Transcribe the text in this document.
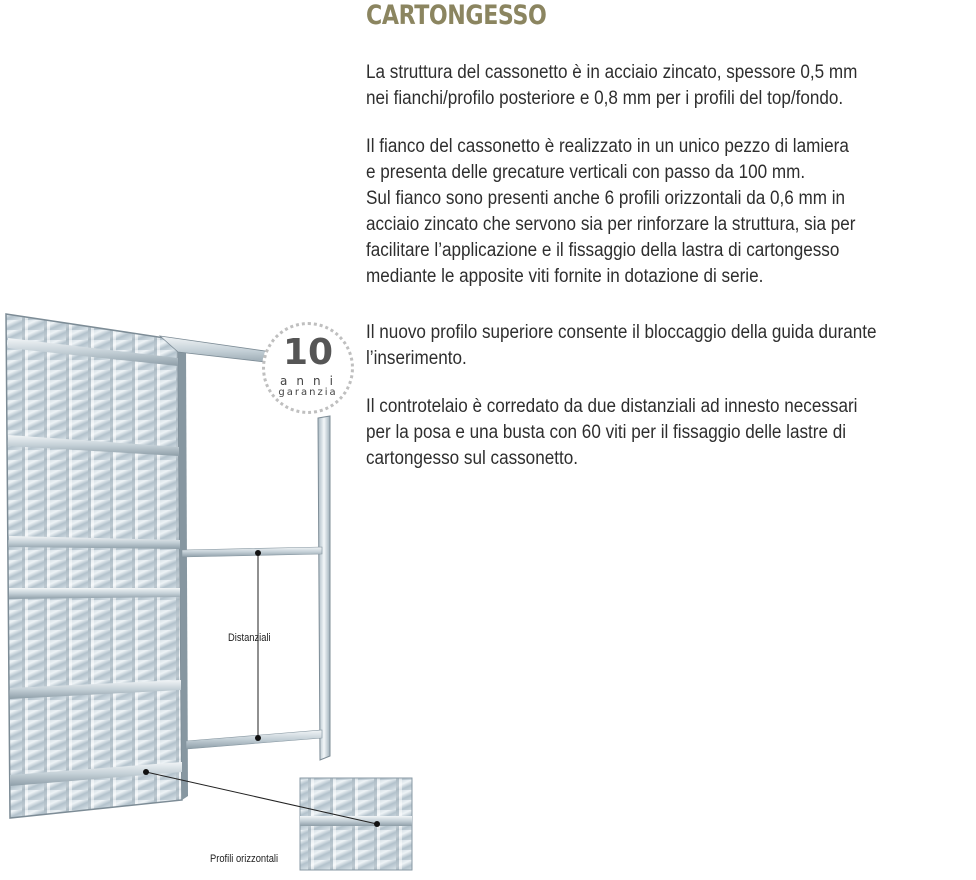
CARTONGESSO
La struttura del cassonetto è in acciaio zincato, spessore 0,5 mm
nei fianchi/profilo posteriore e 0,8 mm per i profili del top/fondo.
Il fianco del cassonetto è realizzato in un unico pezzo di lamiera
e presenta delle grecature verticali con passo da 100 mm.
Sul fianco sono presenti anche 6 profili orizzontali da 0,6 mm in
acciaio zincato che servono sia per rinforzare la struttura, sia per
facilitare l’applicazione e il fissaggio della lastra di cartongesso
mediante le apposite viti fornite in dotazione di serie.
Il nuovo profilo superiore consente il bloccaggio della guida durante
l’inserimento.
Il controtelaio è corredato da due distanziali ad innesto necessari
per la posa e una busta con 60 viti per il fissaggio delle lastre di
cartongesso sul cassonetto.
10
anni
garanzia
Distanziali
Profili orizzontali
